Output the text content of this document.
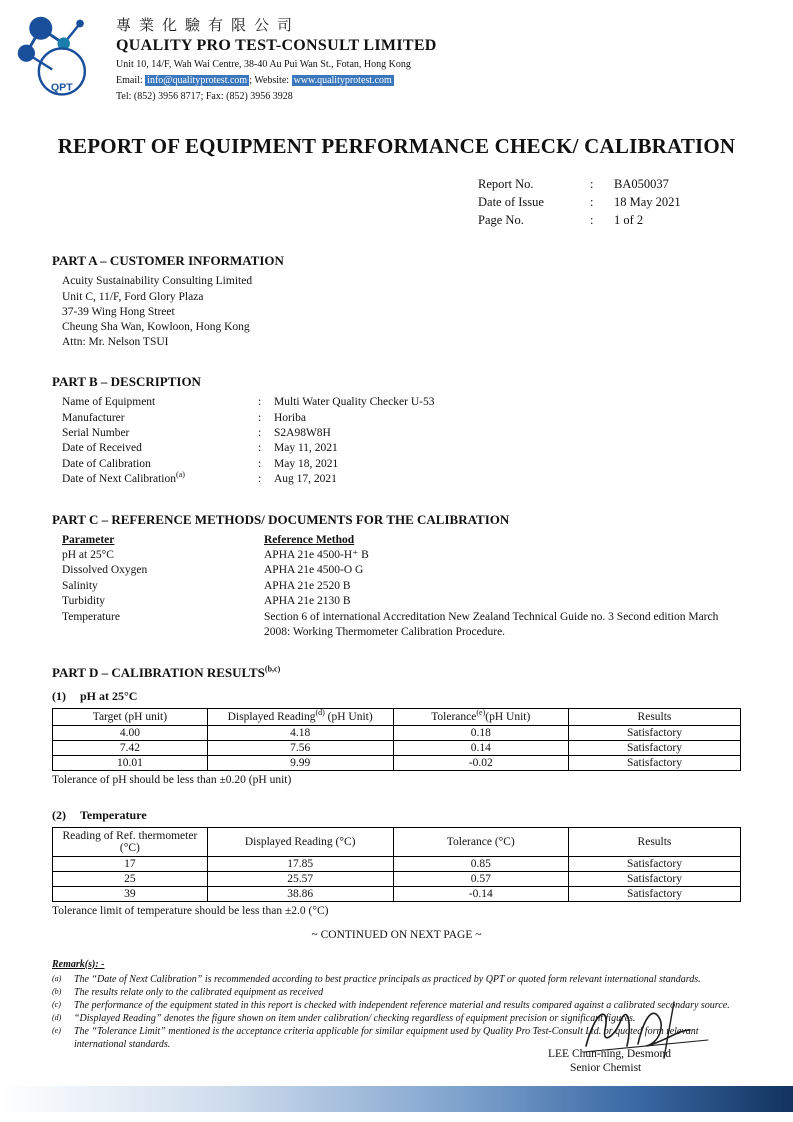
QPT
專業化驗有限公司
QUALITY PRO TEST-CONSULT LIMITED
Unit 10, 14/F, Wah Wai Centre, 38-40 Au Pui Wan St., Fotan, Hong Kong
Email: info@qualityprotest.com ; Website: www.qualityprotest.com
Tel: (852) 3956 8717; Fax: (852) 3956 3928
REPORT OF EQUIPMENT PERFORMANCE CHECK/ CALIBRATION
Report No.	:	BA050037
Date of Issue	:	18 May 2021
Page No.	:	1 of 2
PART A – CUSTOMER INFORMATION
Acuity Sustainability Consulting Limited
Unit C, 11/F, Ford Glory Plaza
37-39 Wing Hong Street
Cheung Sha Wan, Kowloon, Hong Kong
Attn: Mr. Nelson TSUI
PART B – DESCRIPTION
Name of Equipment	:	Multi Water Quality Checker U-53
Manufacturer	:	Horiba
Serial Number	:	S2A98W8H
Date of Received	:	May 11, 2021
Date of Calibration	:	May 18, 2021
Date of Next Calibration$^{(a)}$	:	Aug 17, 2021
PART C – REFERENCE METHODS/ DOCUMENTS FOR THE CALIBRATION
Parameter	Reference Method
pH at 25°C	APHA 21e 4500-H⁺ B
Dissolved Oxygen	APHA 21e 4500-O G
Salinity	APHA 21e 2520 B
Turbidity	APHA 21e 2130 B
Temperature	Section 6 of international Accreditation New Zealand Technical Guide no. 3 Second edition March 2008: Working Thermometer Calibration Procedure.
PART D – CALIBRATION RESULTS$^{(b,c)}$
(1)	pH at 25°C
Target (pH unit)	Displayed Reading$^{(d)}$ (pH Unit)	Tolerance$^{(e)}$(pH Unit)	Results
4.00	4.18	0.18	Satisfactory
7.42	7.56	0.14	Satisfactory
10.01	9.99	-0.02	Satisfactory
Tolerance of pH should be less than ±0.20 (pH unit)
(2)	Temperature
Reading of Ref. thermometer
(°C)	Displayed Reading (°C)	Tolerance (°C)	Results
17	17.85	0.85	Satisfactory
25	25.57	0.57	Satisfactory
39	38.86	-0.14	Satisfactory
Tolerance limit of temperature should be less than ±2.0 (°C)
~ CONTINUED ON NEXT PAGE ~
Remark(s): -
(a)	The “Date of Next Calibration” is recommended according to best practice principals as practiced by QPT or quoted form relevant international standards.
(b)	The results relate only to the calibrated equipment as received
(c)	The performance of the equipment stated in this report is checked with independent reference material and results compared against a calibrated secondary source.
(d)	“Displayed Reading” denotes the figure shown on item under calibration/ checking regardless of equipment precision or significant figures.
(e)	The “Tolerance Limit” mentioned is the acceptance criteria applicable for similar equipment used by Quality Pro Test-Consult Ltd. or quoted form relevant international standards.
LEE Chun-ning, Desmond
Senior Chemist
